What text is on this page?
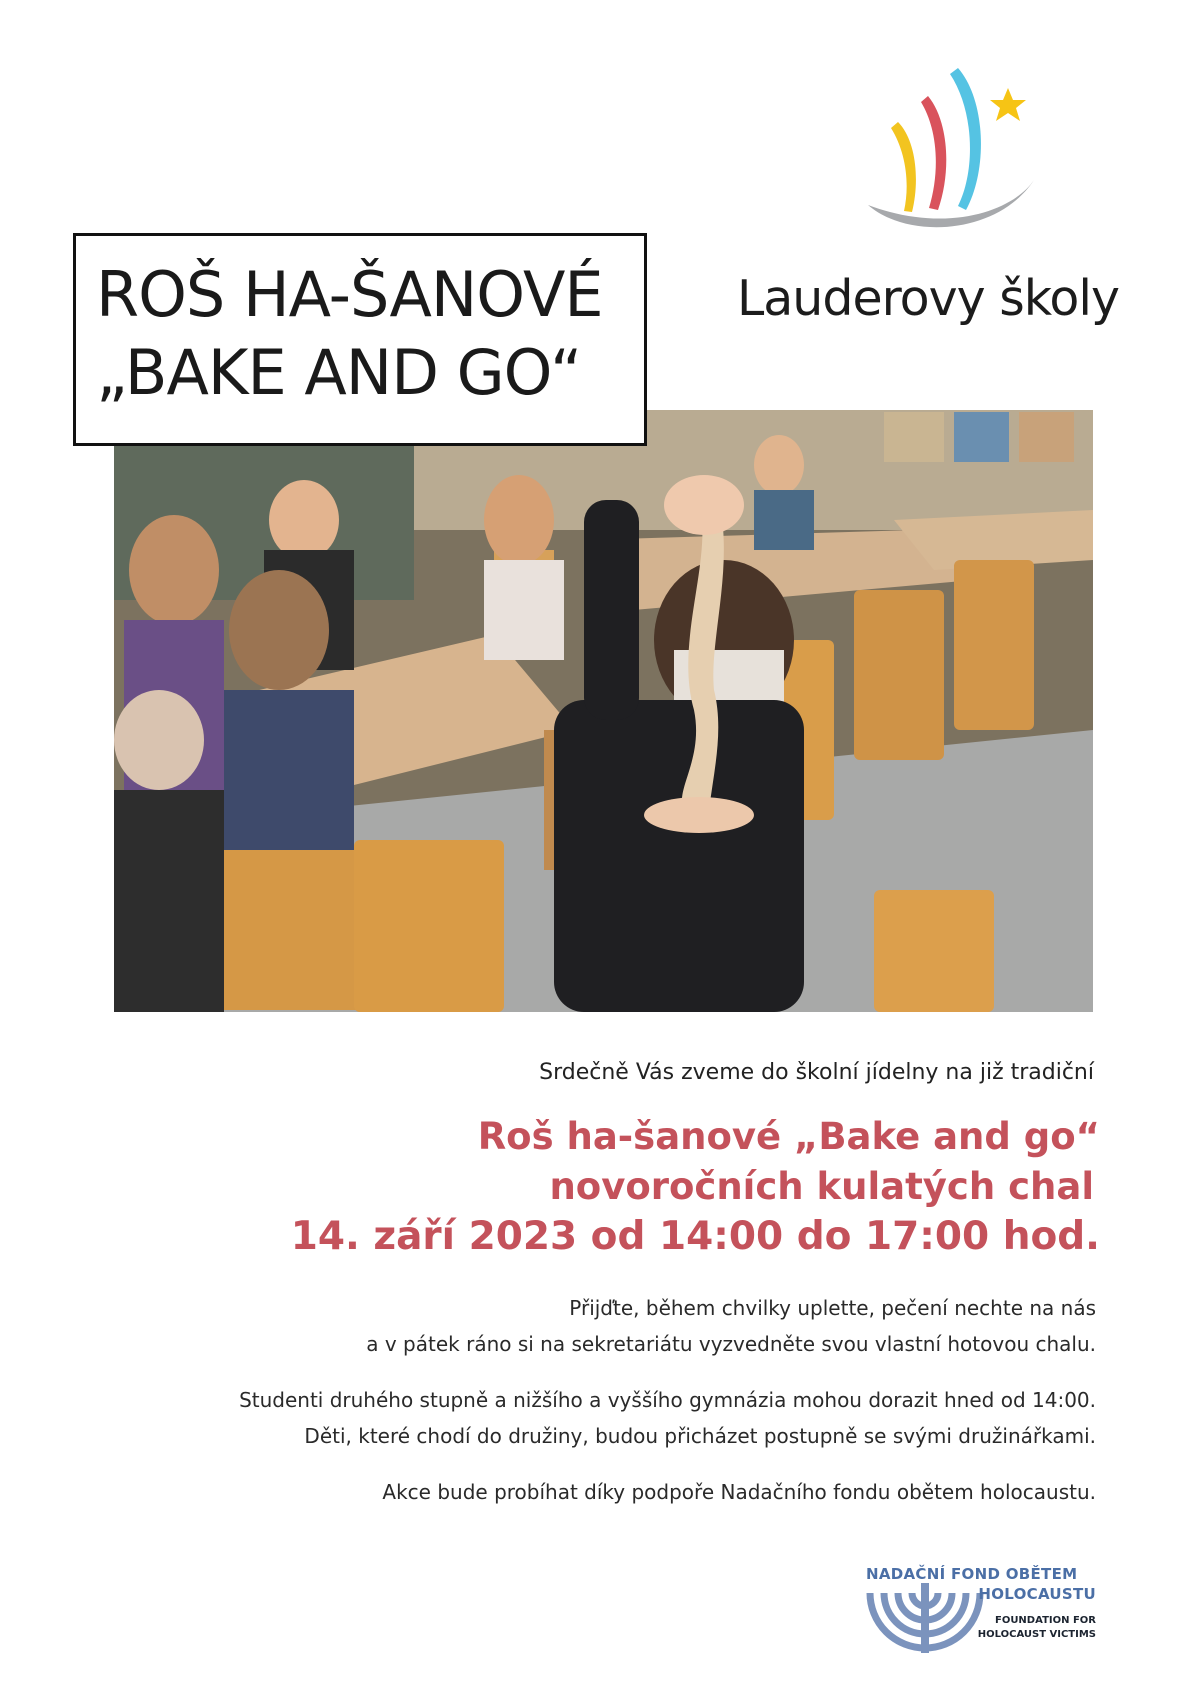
Lauderovy školy
ROŠ HA-ŠANOVÉ
„BAKE AND GO“
Srdečně Vás zveme do školní jídelny na již tradiční
Roš ha-šanové „Bake and go“
novoročních kulatých chal
14. září 2023 od 14:00 do 17:00 hod.
Přijďte, během chvilky uplette, pečení nechte na nás
a v pátek ráno si na sekretariátu vyzvedněte svou vlastní hotovou chalu.
Studenti druhého stupně a nižšího a vyššího gymnázia mohou dorazit hned od 14:00.
Děti, které chodí do družiny, budou přicházet postupně se svými družinářkami.
Akce bude probíhat díky podpoře Nadačního fondu obětem holocaustu.
NADAČNÍ FOND OBĚTEM
HOLOCAUSTU
FOUNDATION FOR
HOLOCAUST VICTIMS
